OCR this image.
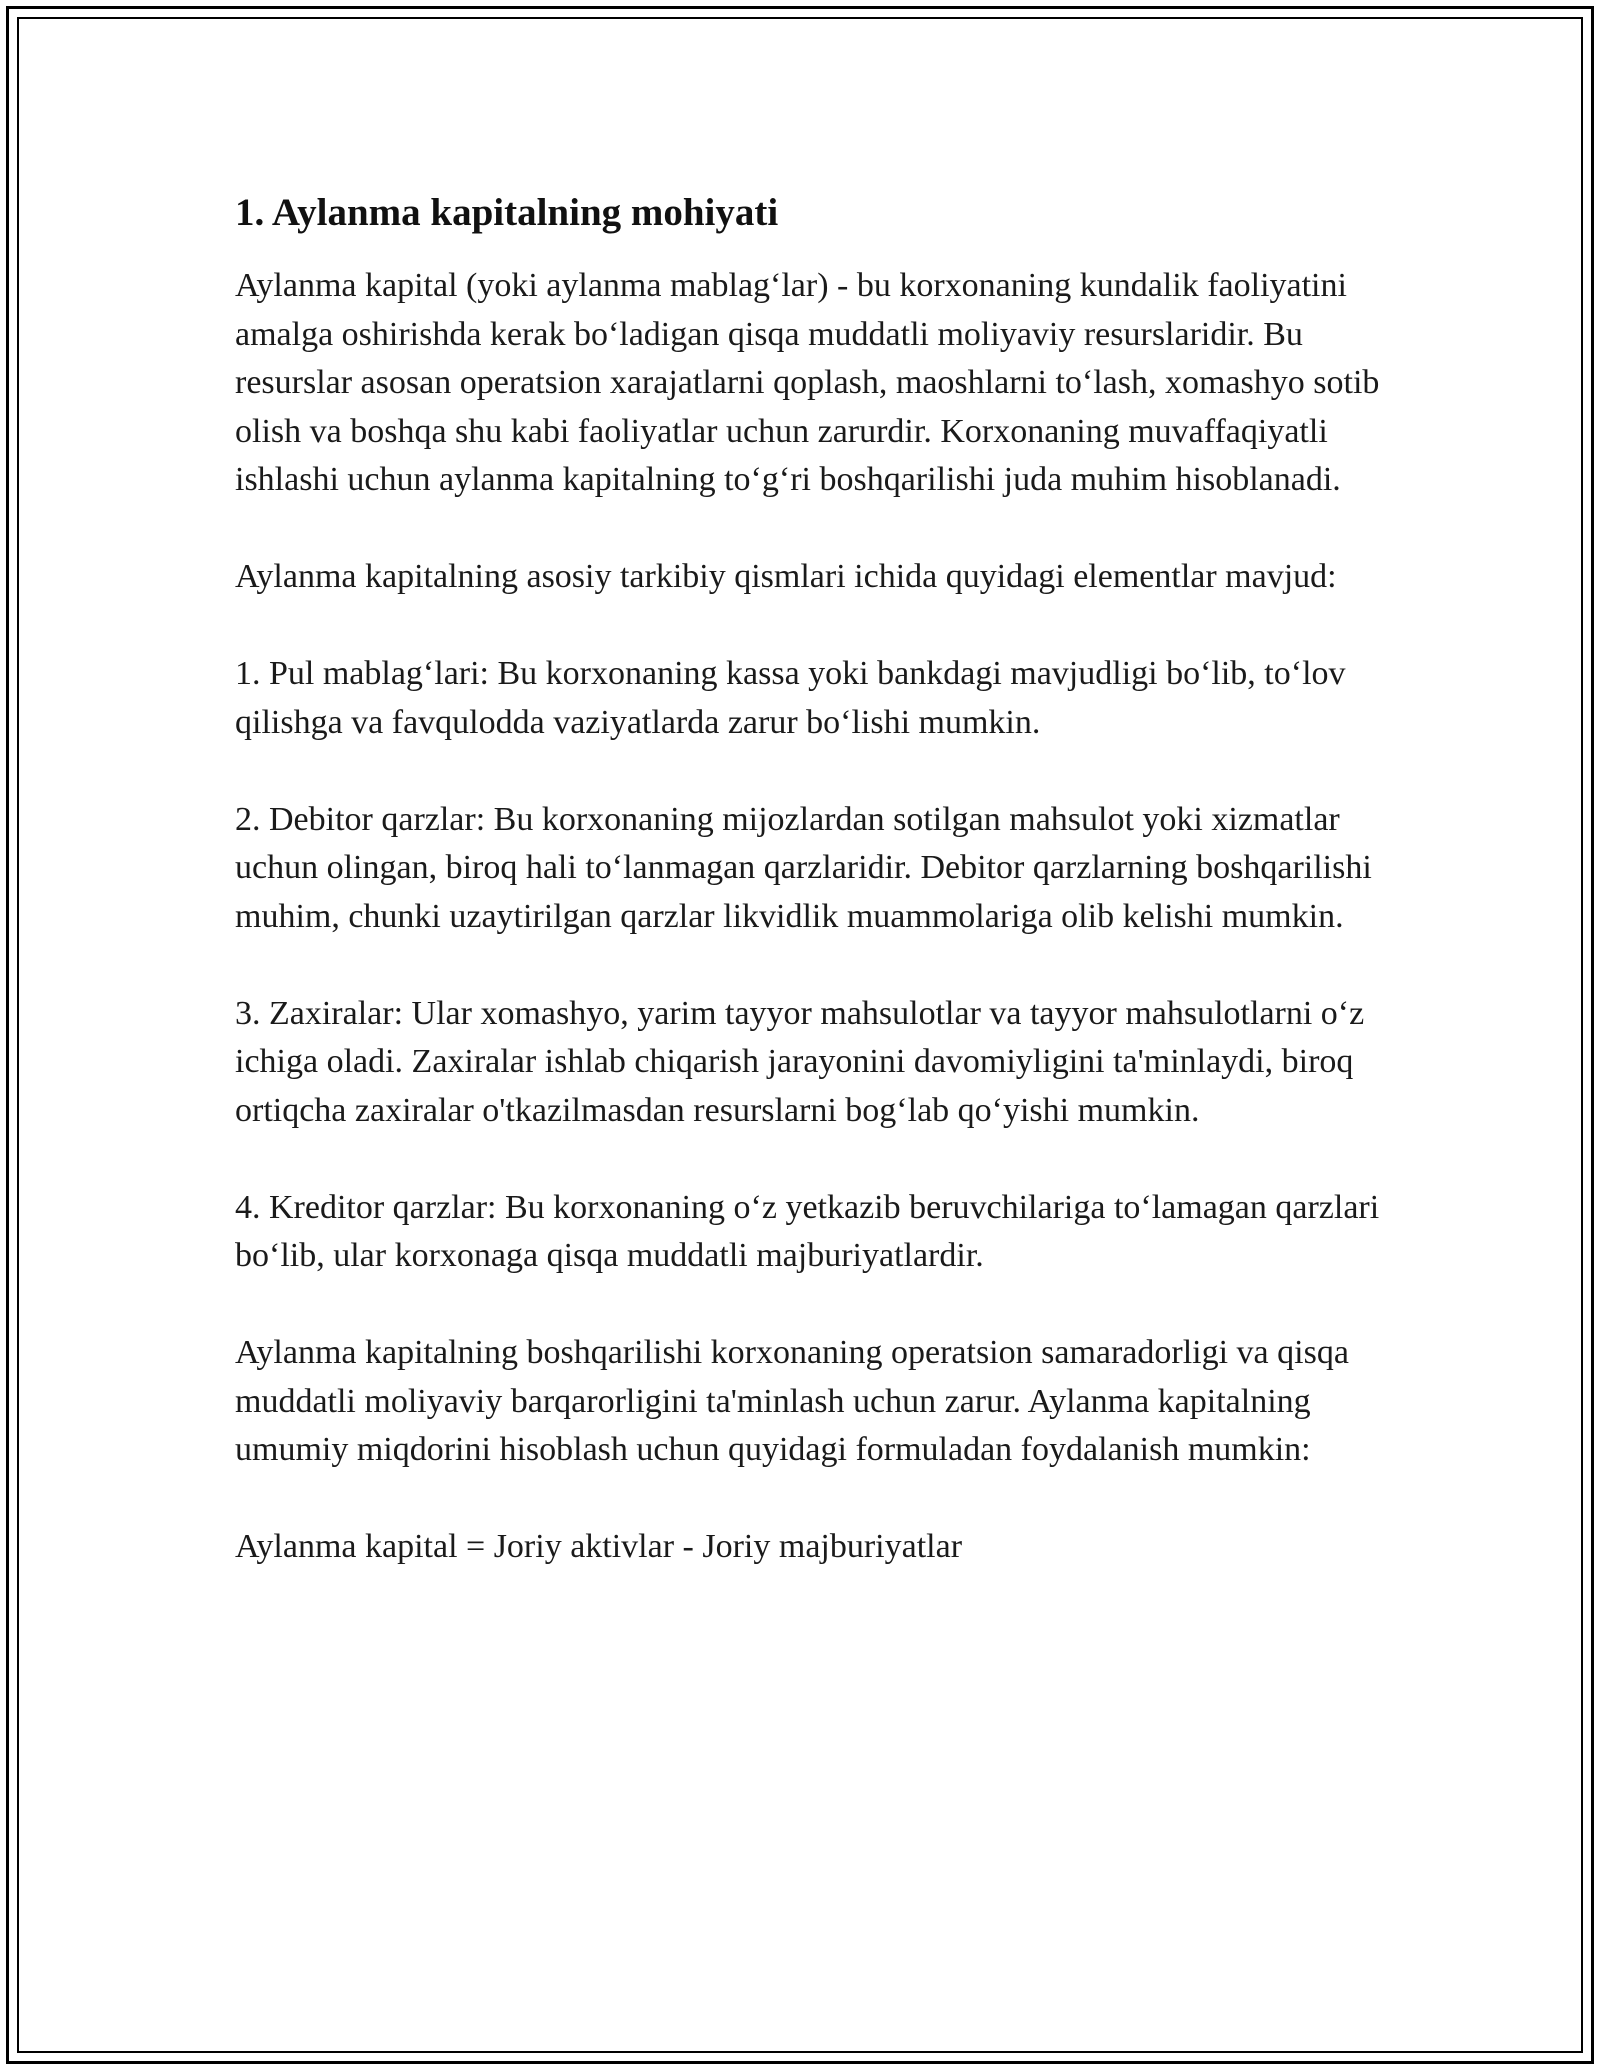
1. Aylanma kapitalning mohiyati

Aylanma kapital (yoki aylanma mablag‘lar) - bu korxonaning kundalik faoliyatini amalga oshirishda kerak bo‘ladigan qisqa muddatli moliyaviy resurslaridir. Bu resurslar asosan operatsion xarajatlarni qoplash, maoshlarni to‘lash, xomashyo sotib olish va boshqa shu kabi faoliyatlar uchun zarurdir. Korxonaning muvaffaqiyatli ishlashi uchun aylanma kapitalning to‘g‘ri boshqarilishi juda muhim hisoblanadi.

Aylanma kapitalning asosiy tarkibiy qismlari ichida quyidagi elementlar mavjud:

1. Pul mablag‘lari: Bu korxonaning kassa yoki bankdagi mavjudligi bo‘lib, to‘lov qilishga va favqulodda vaziyatlarda zarur bo‘lishi mumkin.

2. Debitor qarzlar: Bu korxonaning mijozlardan sotilgan mahsulot yoki xizmatlar uchun olingan, biroq hali to‘lanmagan qarzlaridir. Debitor qarzlarning boshqarilishi muhim, chunki uzaytirilgan qarzlar likvidlik muammolariga olib kelishi mumkin.

3. Zaxiralar: Ular xomashyo, yarim tayyor mahsulotlar va tayyor mahsulotlarni o‘z ichiga oladi. Zaxiralar ishlab chiqarish jarayonini davomiyligini ta'minlaydi, biroq ortiqcha zaxiralar o'tkazilmasdan resurslarni bog‘lab qo‘yishi mumkin.

4. Kreditor qarzlar: Bu korxonaning o‘z yetkazib beruvchilariga to‘lamagan qarzlari bo‘lib, ular korxonaga qisqa muddatli majburiyatlardir.

Aylanma kapitalning boshqarilishi korxonaning operatsion samaradorligi va qisqa muddatli moliyaviy barqarorligini ta'minlash uchun zarur. Aylanma kapitalning umumiy miqdorini hisoblash uchun quyidagi formuladan foydalanish mumkin:

Aylanma kapital = Joriy aktivlar - Joriy majburiyatlar
